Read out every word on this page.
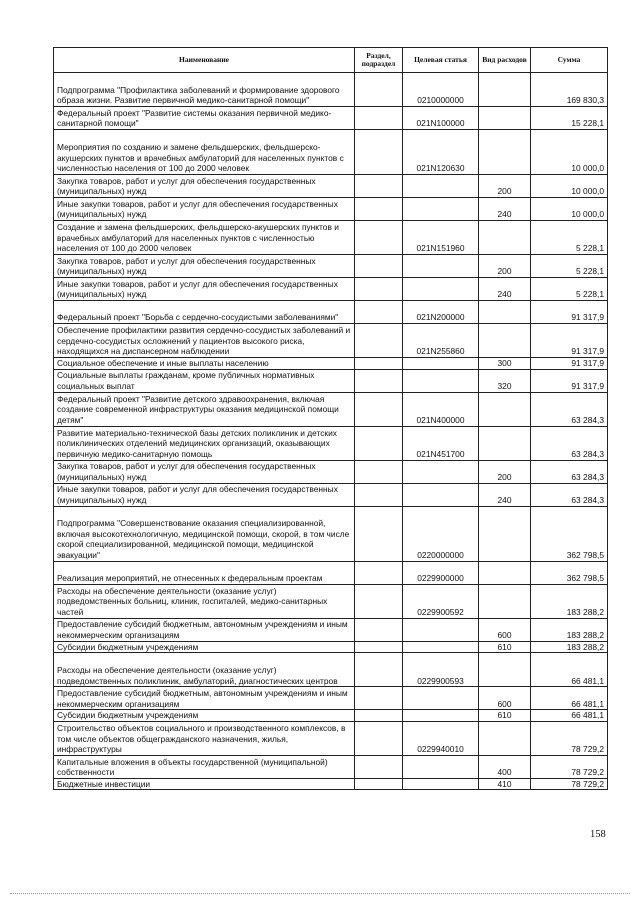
Наименование	Раздел, подраздел	Целевая статья	Вид расходов	Сумма
Подпрограмма "Профилактика заболеваний и формирование здорового образа жизни. Развитие первичной медико-санитарной помощи"		0210000000		169 830,3
Федеральный проект "Развитие системы оказания первичной медико-санитарной помощи"		021N100000		15 228,1
Мероприятия по созданию и замене фельдшерских, фельдшерско-акушерских пунктов и врачебных амбулаторий для населенных пунктов с численностью населения от 100 до 2000 человек		021N120630		10 000,0
Закупка товаров, работ и услуг для обеспечения государственных (муниципальных) нужд			200	10 000,0
Иные закупки товаров, работ и услуг для обеспечения государственных (муниципальных) нужд			240	10 000,0
Создание и замена фельдшерских, фельдшерско-акушерских пунктов и врачебных амбулаторий для населенных пунктов с численностью населения от 100 до 2000 человек		021N151960		5 228,1
Закупка товаров, работ и услуг для обеспечения государственных (муниципальных) нужд			200	5 228,1
Иные закупки товаров, работ и услуг для обеспечения государственных (муниципальных) нужд			240	5 228,1
Федеральный проект "Борьба с сердечно-сосудистыми заболеваниями"		021N200000		91 317,9
Обеспечение профилактики развития сердечно-сосудистых заболеваний и сердечно-сосудистых осложнений у пациентов высокого риска, находящихся на диспансерном наблюдении		021N255860		91 317,9
Социальное обеспечение и иные выплаты населению			300	91 317,9
Социальные выплаты гражданам, кроме публичных нормативных социальных выплат			320	91 317,9
Федеральный проект "Развитие детского здравоохранения, включая создание современной инфраструктуры оказания медицинской помощи детям"		021N400000		63 284,3
Развитие материально-технической базы детских поликлиник и детских поликлинических отделений медицинских организаций, оказывающих первичную медико-санитарную помощь		021N451700		63 284,3
Закупка товаров, работ и услуг для обеспечения государственных (муниципальных) нужд			200	63 284,3
Иные закупки товаров, работ и услуг для обеспечения государственных (муниципальных) нужд			240	63 284,3
Подпрограмма "Совершенствование оказания специализированной, включая высокотехнологичную, медицинской помощи, скорой, в том числе скорой специализированной, медицинской помощи, медицинской эвакуации"		0220000000		362 798,5
Реализация мероприятий, не отнесенных к федеральным проектам		0229900000		362 798,5
Расходы на обеспечение деятельности (оказание услуг) подведомственных больниц, клиник, госпиталей, медико-санитарных частей		0229900592		183 288,2
Предоставление субсидий бюджетным, автономным учреждениям и иным некоммерческим организациям			600	183 288,2
Субсидии бюджетным учреждениям			610	183 288,2
Расходы на обеспечение деятельности (оказание услуг) подведомственных поликлиник, амбулаторий, диагностических центров		0229900593		66 481,1
Предоставление субсидий бюджетным, автономным учреждениям и иным некоммерческим организациям			600	66 481,1
Субсидии бюджетным учреждениям			610	66 481,1
Строительство объектов социального и производственного комплексов, в том числе объектов общегражданского назначения, жилья, инфраструктуры		0229940010		78 729,2
Капитальные вложения в объекты государственной (муниципальной) собственности			400	78 729,2
Бюджетные инвестиции			410	78 729,2
158
